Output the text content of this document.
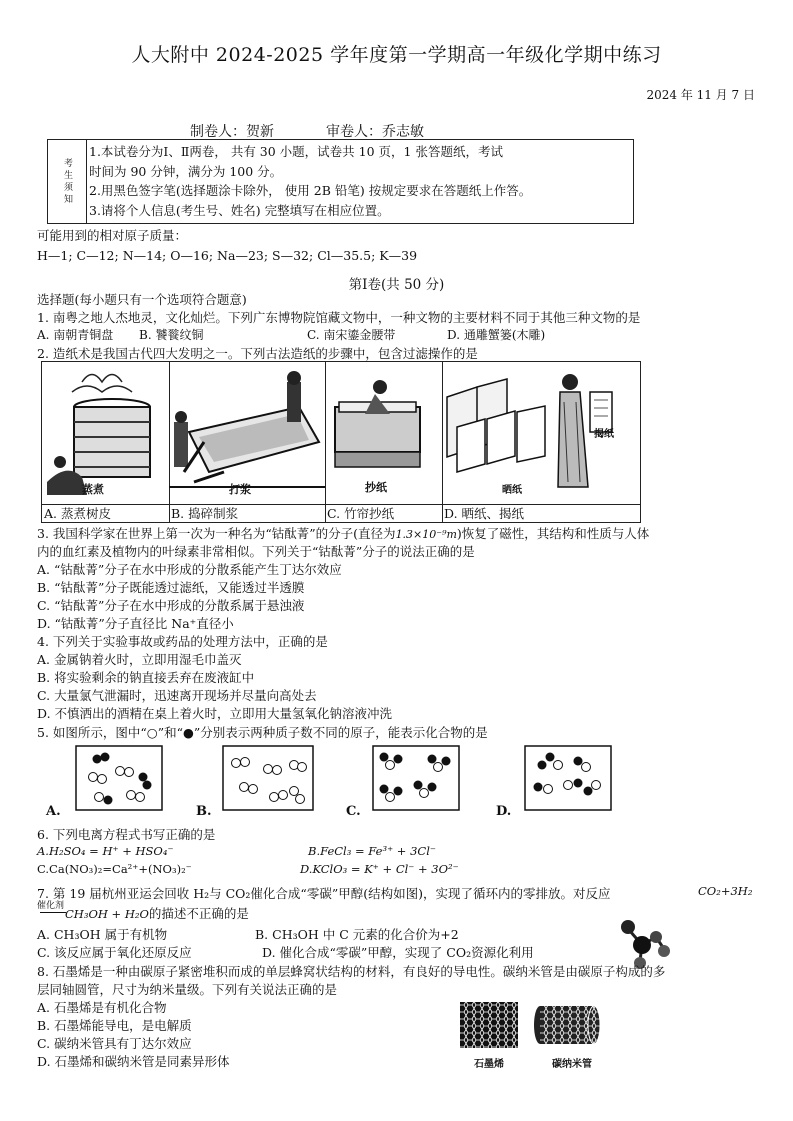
人大附中 2024-2025 学年度第一学期高一年级化学期中练习
2024 年 11 月 7 日
制卷人：贺新	审卷人：乔志敏
考生须知
1.本试卷分为Ⅰ、Ⅱ两卷， 共有 30 小题，试卷共 10 页，1 张答题纸，考试
时间为 90 分钟，满分为 100 分。
2.用黑色签字笔(选择题涂卡除外， 使用 2B 铅笔) 按规定要求在答题纸上作答。
3.请将个人信息(考生号、姓名) 完整填写在相应位置。
可能用到的相对原子质量：
H—1; C—12; N—14; O—16; Na—23; S—32; Cl—35.5; K—39
第Ⅰ卷(共 50 分)
选择题(每小题只有一个选项符合题意)
1. 南粤之地人杰地灵，文化灿烂。下列广东博物院馆藏文物中，一种文物的主要材料不同于其他三种文物的是
A. 南朝青铜盘 B. 饕餮纹铜	C. 南宋鎏金腰带	D. 通雕蟹篓(木雕)
2. 造纸术是我国古代四大发明之一。下列古法造纸的步骤中，包含过滤操作的是
蒸煮
A. 蒸煮树皮
打浆
B. 捣碎制浆
抄纸
C. 竹帘抄纸
晒纸
揭纸
D. 晒纸、揭纸
3. 我国科学家在世界上第一次为一种名为“钴酞菁”的分子(直径为1.3×10⁻⁹m)恢复了磁性，其结构和性质与人体
内的血红素及植物内的叶绿素非常相似。下列关于“钴酞菁”分子的说法正确的是
A. “钴酞菁”分子在水中形成的分散系能产生丁达尔效应
B. “钴酞菁”分子既能透过滤纸，又能透过半透膜
C. “钴酞菁”分子在水中形成的分散系属于悬浊液
D. “钴酞菁”分子直径比 Na⁺直径小
4. 下列关于实验事故或药品的处理方法中，正确的是
A. 金属钠着火时，立即用湿毛巾盖灭
B. 将实验剩余的钠直接丢弃在废液缸中
C. 大量氯气泄漏时，迅速离开现场并尽量向高处去
D. 不慎洒出的酒精在桌上着火时，立即用大量氢氧化钠溶液冲洗
5. 如图所示，图中“○”和“●”分别表示两种质子数不同的原子，能表示化合物的是
A.	B.	C.	D.
6. 下列电离方程式书写正确的是
A.H₂SO₄ = H⁺ + HSO₄⁻	B.FeCl₃ = Fe³⁺ + 3Cl⁻
C.Ca(NO₃)₂=Ca²⁺+(NO₃)₂⁻	D.KClO₃ = K⁺ + Cl⁻ + 3O²⁻
7. 第 19 届杭州亚运会回收 H₂与 CO₂催化合成“零碳”甲醇(结构如图)，实现了循环内的零排放。对反应	CO₂+3H₂
催化剂
CH₃OH + H₂O的描述不正确的是
A. CH₃OH 属于有机物	B. CH₃OH 中 C 元素的化合价为+2
C. 该反应属于氧化还原反应	D. 催化合成“零碳”甲醇，实现了 CO₂资源化利用
8. 石墨烯是一种由碳原子紧密堆积而成的单层蜂窝状结构的材料，有良好的导电性。碳纳米管是由碳原子构成的多
层同轴圆管，尺寸为纳米量级。下列有关说法正确的是
A. 石墨烯是有机化合物
B. 石墨烯能导电，是电解质
C. 碳纳米管具有丁达尔效应
D. 石墨烯和碳纳米管是同素异形体	石墨烯	碳纳米管
